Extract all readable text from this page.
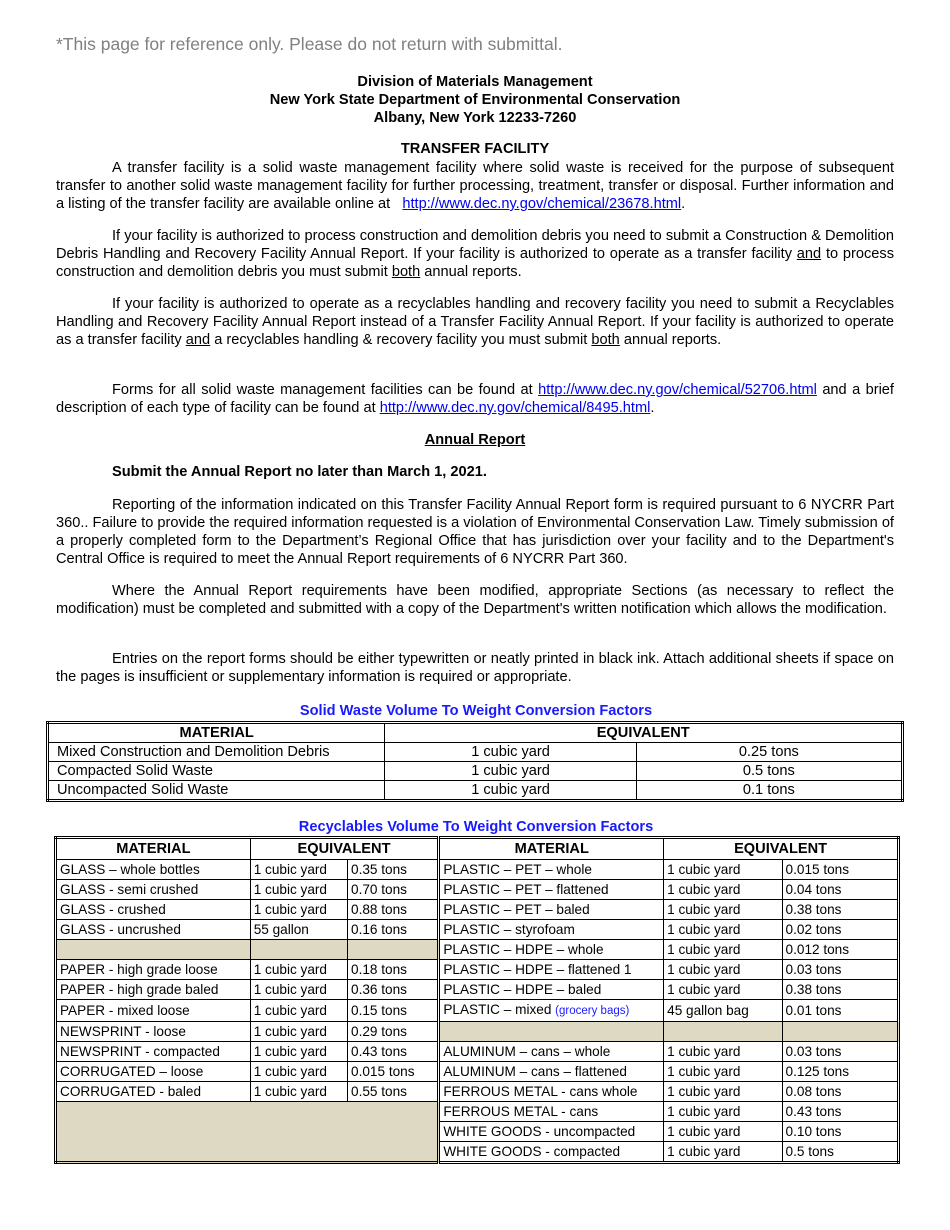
*This page for reference only. Please do not return with submittal.
Division of Materials Management
New York State Department of Environmental Conservation
Albany, New York 12233-7260
TRANSFER FACILITY

A transfer facility is a solid waste management facility where solid waste is received for the purpose of subsequent transfer to another solid waste management facility for further processing, treatment, transfer or disposal. Further information and a listing of the transfer facility are available online at http://www.dec.ny.gov/chemical/23678.html.

If your facility is authorized to process construction and demolition debris you need to submit a Construction & Demolition Debris Handling and Recovery Facility Annual Report. If your facility is authorized to operate as a transfer facility and to process construction and demolition debris you must submit both annual reports.

If your facility is authorized to operate as a recyclables handling and recovery facility you need to submit a Recyclables Handling and Recovery Facility Annual Report instead of a Transfer Facility Annual Report. If your facility is authorized to operate as a transfer facility and a recyclables handling & recovery facility you must submit both annual reports.

Forms for all solid waste management facilities can be found at http://www.dec.ny.gov/chemical/52706.html and a brief description of each type of facility can be found at http://www.dec.ny.gov/chemical/8495.html.

Annual Report
Submit the Annual Report no later than March 1, 2021.

Reporting of the information indicated on this Transfer Facility Annual Report form is required pursuant to 6 NYCRR Part 360.. Failure to provide the required information requested is a violation of Environmental Conservation Law. Timely submission of a properly completed form to the Department’s Regional Office that has jurisdiction over your facility and to the Department's Central Office is required to meet the Annual Report requirements of 6 NYCRR Part 360.

Where the Annual Report requirements have been modified, appropriate Sections (as necessary to reflect the modification) must be completed and submitted with a copy of the Department's written notification which allows the modification.

Entries on the report forms should be either typewritten or neatly printed in black ink. Attach additional sheets if space on the pages is insufficient or supplementary information is required or appropriate.

Solid Waste Volume To Weight Conversion Factors
MATERIAL	EQUIVALENT	
Mixed Construction and Demolition Debris	1 cubic yard	0.25 tons
Compacted Solid Waste	1 cubic yard	0.5 tons
Uncompacted Solid Waste	1 cubic yard	0.1 tons
Recyclables Volume To Weight Conversion Factors
MATERIAL	EQUIVALENT		MATERIAL	EQUIVALENT	
GLASS – whole bottles	1 cubic yard	0.35 tons	PLASTIC – PET – whole	1 cubic yard	0.015 tons
GLASS - semi crushed	1 cubic yard	0.70 tons	PLASTIC – PET – flattened	1 cubic yard	0.04 tons
GLASS - crushed	1 cubic yard	0.88 tons	PLASTIC – PET – baled	1 cubic yard	0.38 tons
GLASS - uncrushed	55 gallon	0.16 tons	PLASTIC – styrofoam	1 cubic yard	0.02 tons
			PLASTIC – HDPE – whole	1 cubic yard	0.012 tons
PAPER - high grade loose	1 cubic yard	0.18 tons	PLASTIC – HDPE – flattened 1	1 cubic yard	0.03 tons
PAPER - high grade baled	1 cubic yard	0.36 tons	PLASTIC – HDPE – baled	1 cubic yard	0.38 tons
PAPER - mixed loose	1 cubic yard	0.15 tons	PLASTIC – mixed (grocery bags)	45 gallon bag	0.01 tons
NEWSPRINT - loose	1 cubic yard	0.29 tons			
NEWSPRINT - compacted	1 cubic yard	0.43 tons	ALUMINUM – cans – whole	1 cubic yard	0.03 tons
CORRUGATED – loose	1 cubic yard	0.015 tons	ALUMINUM – cans – flattened	1 cubic yard	0.125 tons
CORRUGATED - baled	1 cubic yard	0.55 tons	FERROUS METAL - cans whole	1 cubic yard	0.08 tons
			FERROUS METAL - cans	1 cubic yard	0.43 tons
			WHITE GOODS - uncompacted	1 cubic yard	0.10 tons
			WHITE GOODS - compacted	1 cubic yard	0.5 tons
